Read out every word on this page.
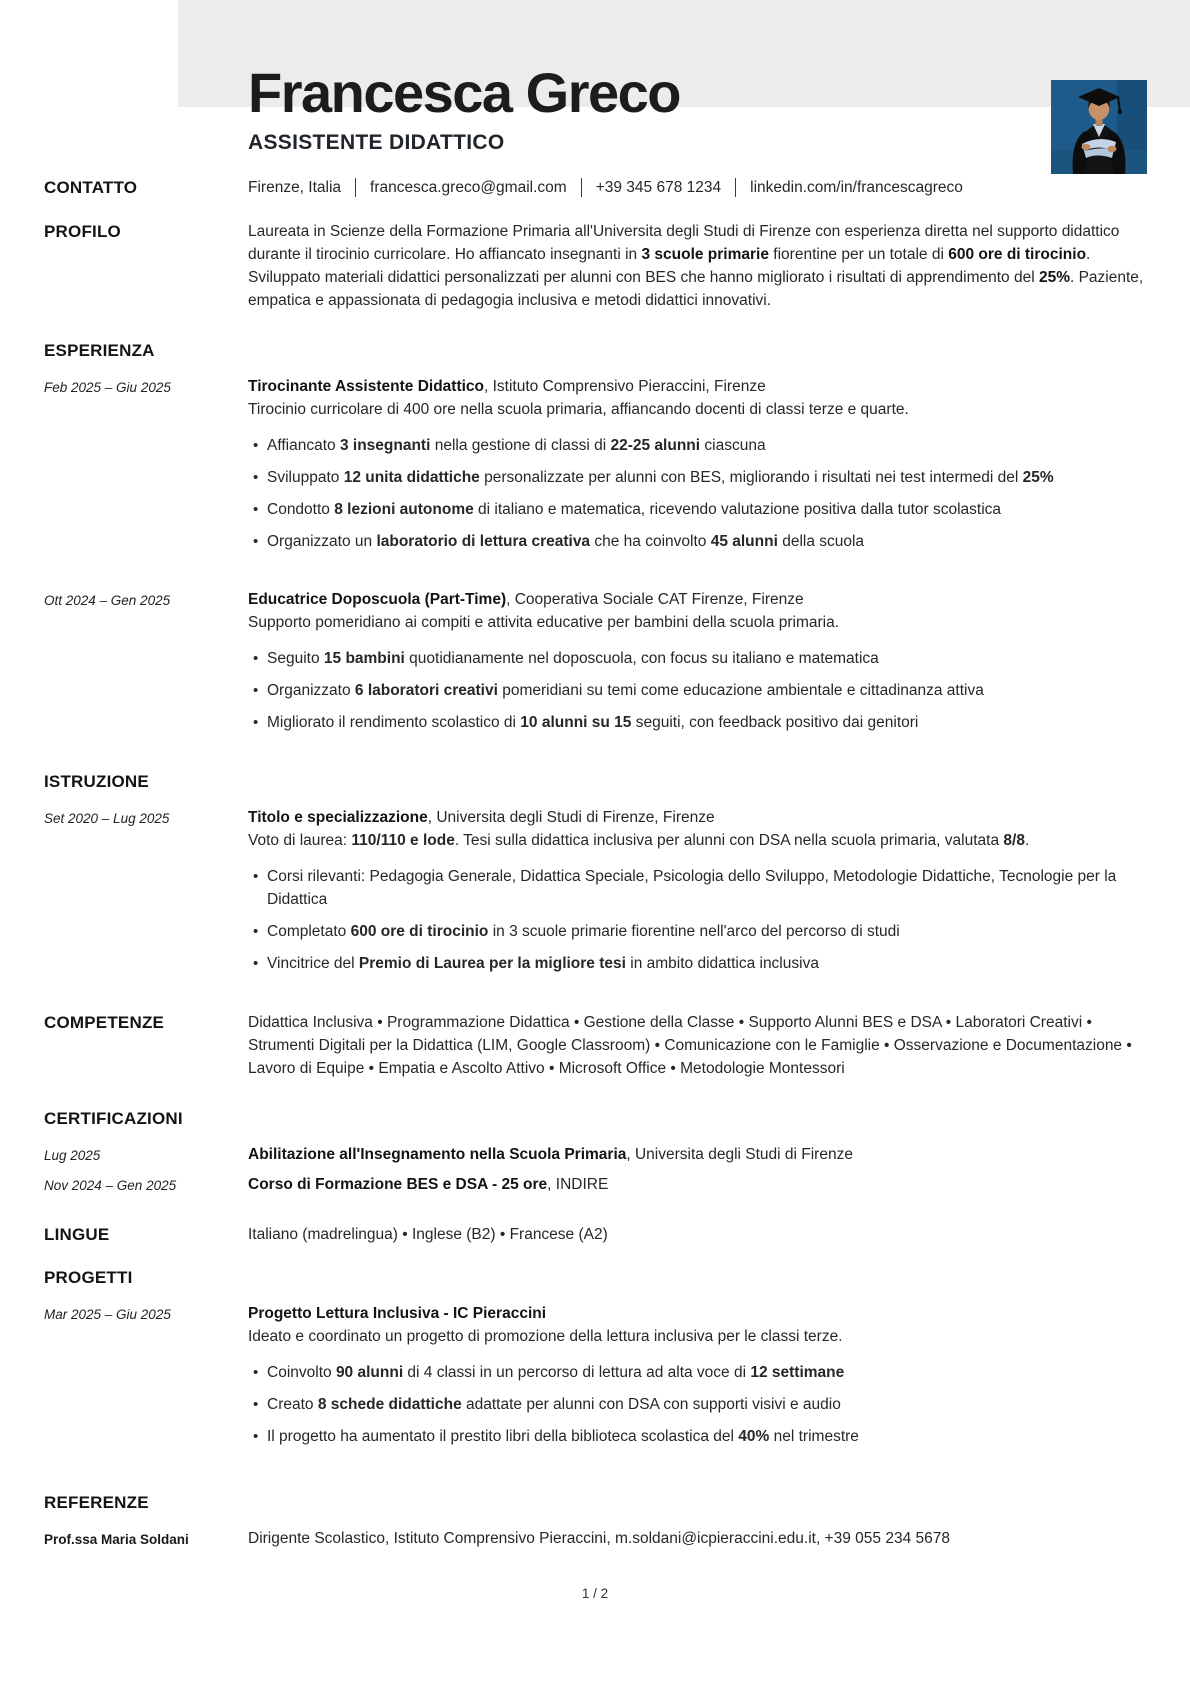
Francesca Greco
ASSISTENTE DIDATTICO
CONTATTO	Firenze, Italia francesca.greco@gmail.com +39 345 678 1234 linkedin.com/in/francescagreco
PROFILO	Laureata in Scienze della Formazione Primaria all'Universita degli Studi di Firenze con esperienza diretta nel supporto didattico durante il tirocinio curricolare. Ho affiancato insegnanti in 3 scuole primarie fiorentine per un totale di 600 ore di tirocinio. Sviluppato materiali didattici personalizzati per alunni con BES che hanno migliorato i risultati di apprendimento del 25%. Paziente, empatica e appassionata di pedagogia inclusiva e metodi didattici innovativi.
ESPERIENZA
Feb 2025 – Giu 2025	Tirocinante Assistente Didattico, Istituto Comprensivo Pieraccini, Firenze
Tirocinio curricolare di 400 ore nella scuola primaria, affiancando docenti di classi terze e quarte.
• Affiancato 3 insegnanti nella gestione di classi di 22-25 alunni ciascuna
• Sviluppato 12 unita didattiche personalizzate per alunni con BES, migliorando i risultati nei test intermedi del 25%
• Condotto 8 lezioni autonome di italiano e matematica, ricevendo valutazione positiva dalla tutor scolastica
• Organizzato un laboratorio di lettura creativa che ha coinvolto 45 alunni della scuola
Ott 2024 – Gen 2025	Educatrice Doposcuola (Part-Time), Cooperativa Sociale CAT Firenze, Firenze
Supporto pomeridiano ai compiti e attivita educative per bambini della scuola primaria.
• Seguito 15 bambini quotidianamente nel doposcuola, con focus su italiano e matematica
• Organizzato 6 laboratori creativi pomeridiani su temi come educazione ambientale e cittadinanza attiva
• Migliorato il rendimento scolastico di 10 alunni su 15 seguiti, con feedback positivo dai genitori
ISTRUZIONE
Set 2020 – Lug 2025	Titolo e specializzazione, Universita degli Studi di Firenze, Firenze
Voto di laurea: 110/110 e lode. Tesi sulla didattica inclusiva per alunni con DSA nella scuola primaria, valutata 8/8.
• Corsi rilevanti: Pedagogia Generale, Didattica Speciale, Psicologia dello Sviluppo, Metodologie Didattiche, Tecnologie per la Didattica
• Completato 600 ore di tirocinio in 3 scuole primarie fiorentine nell'arco del percorso di studi
• Vincitrice del Premio di Laurea per la migliore tesi in ambito didattica inclusiva
COMPETENZE	Didattica Inclusiva • Programmazione Didattica • Gestione della Classe • Supporto Alunni BES e DSA • Laboratori Creativi • Strumenti Digitali per la Didattica (LIM, Google Classroom) • Comunicazione con le Famiglie • Osservazione e Documentazione • Lavoro di Equipe • Empatia e Ascolto Attivo • Microsoft Office • Metodologie Montessori
CERTIFICAZIONI
Lug 2025	Abilitazione all'Insegnamento nella Scuola Primaria, Universita degli Studi di Firenze
Nov 2024 – Gen 2025	Corso di Formazione BES e DSA - 25 ore, INDIRE
LINGUE	Italiano (madrelingua) • Inglese (B2) • Francese (A2)
PROGETTI
Mar 2025 – Giu 2025	Progetto Lettura Inclusiva - IC Pieraccini
Ideato e coordinato un progetto di promozione della lettura inclusiva per le classi terze.
• Coinvolto 90 alunni di 4 classi in un percorso di lettura ad alta voce di 12 settimane
• Creato 8 schede didattiche adattate per alunni con DSA con supporti visivi e audio
• Il progetto ha aumentato il prestito libri della biblioteca scolastica del 40% nel trimestre
REFERENZE
Prof.ssa Maria Soldani	Dirigente Scolastico, Istituto Comprensivo Pieraccini, m.soldani@icpieraccini.edu.it, +39 055 234 5678
1 / 2
